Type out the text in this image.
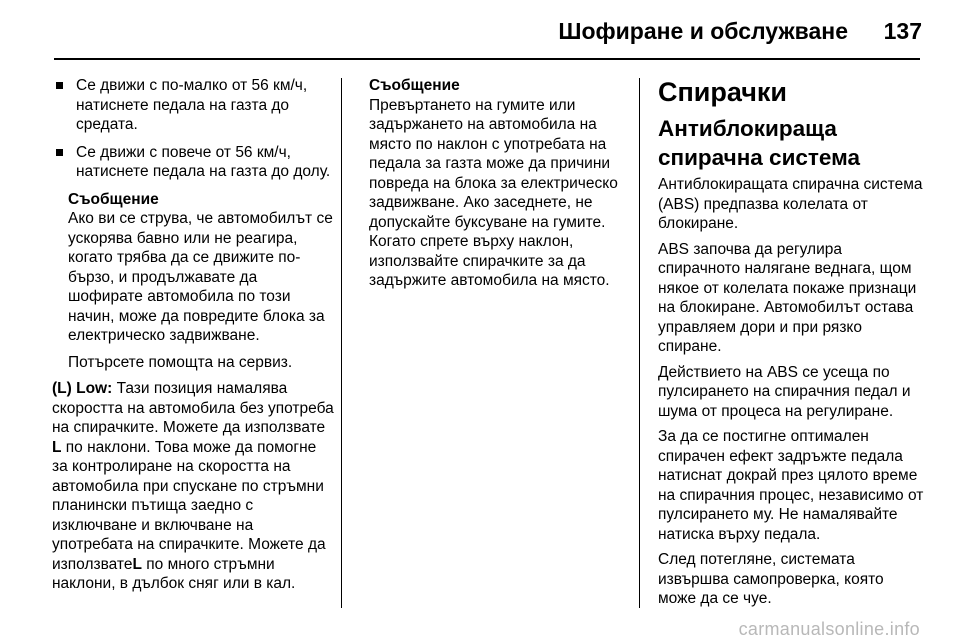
Шофиране и обслужване 137
Се движи с по-малко от 56 км/ч, натиснете педала на газта до средата.
Се движи с повече от 56 км/ч, натиснете педала на газта до долу.
Съобщение

Ако ви се струва, че автомобилът се ускорява бавно или не реагира, когато трябва да се движите по-бързо, и продължавате да шофирате автомобила по този начин, може да повредите блока за електрическо задвижване.

Потърсете помощта на сервиз.

(L) Low: Тази позиция намалява скоростта на автомобила без употреба на спирачките. Можете да използвате L по наклони. Това може да помогне за контролиране на скоростта на автомобила при спускане по стръмни планински пътища заедно с изключване и включване на употребата на спирачките. Можете да използватеL по много стръмни наклони, в дълбок сняг или в кал.

Съобщение

Превъртането на гумите или задържането на автомобила на място по наклон с употребата на педала за газта може да причини повреда на блока за електрическо задвижване. Ако заседнете, не допускайте буксуване на гумите. Когато спрете върху наклон, използвайте спирачките за да задържите автомобила на място.

Спирачки
Антиблокираща спирачна система

Антиблокиращата спирачна система (ABS) предпазва колелата от блокиране.

ABS започва да регулира спирачното налягане веднага, щом някое от колелата покаже признаци на блокиране. Автомобилът остава управляем дори и при рязко спиране.

Действието на ABS се усеща по пулсирането на спирачния педал и шума от процеса на регулиране.

За да се постигне оптимален спирачен ефект задръжте педала натиснат докрай през цялото време на спирачния процес, независимо от пулсирането му. Не намалявайте натиска върху педала.

След потегляне, системата извършва самопроверка, която може да се чуе.

carmanualsonline.info
